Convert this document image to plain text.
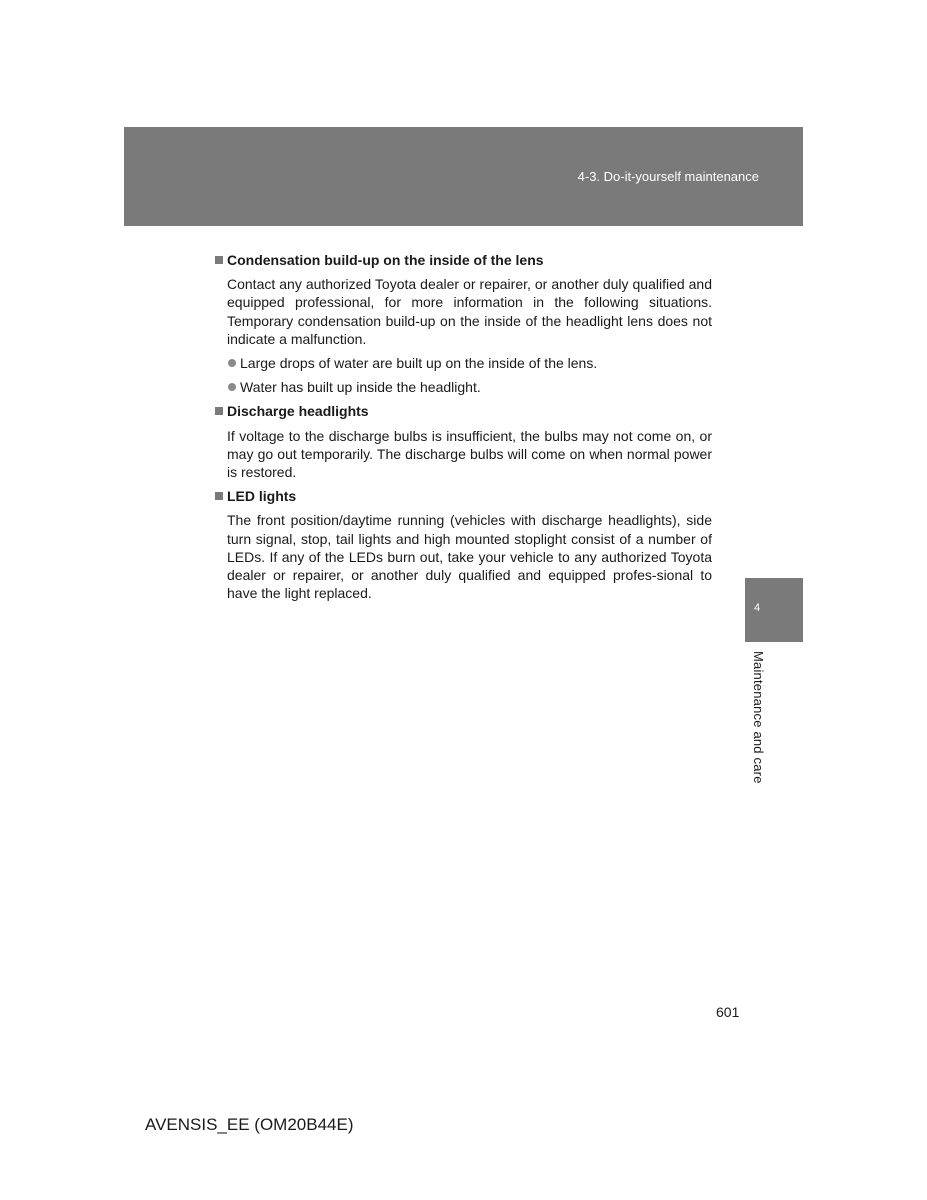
4-3. Do-it-yourself maintenance
Condensation build-up on the inside of the lens

Contact any authorized Toyota dealer or repairer, or another duly qualified and equipped professional, for more information in the following situations. Temporary condensation build-up on the inside of the headlight lens does not indicate a malfunction.

Large drops of water are built up on the inside of the lens.
Water has built up inside the headlight.
Discharge headlights

If voltage to the discharge bulbs is insufficient, the bulbs may not come on, or may go out temporarily. The discharge bulbs will come on when normal power is restored.

LED lights

The front position/daytime running (vehicles with discharge headlights), side turn signal, stop, tail lights and high mounted stoplight consist of a number of LEDs. If any of the LEDs burn out, take your vehicle to any authorized Toyota dealer or repairer, or another duly qualified and equipped profes-sional to have the light replaced.

4
Maintenance and care
601
AVENSIS_EE (OM20B44E)
